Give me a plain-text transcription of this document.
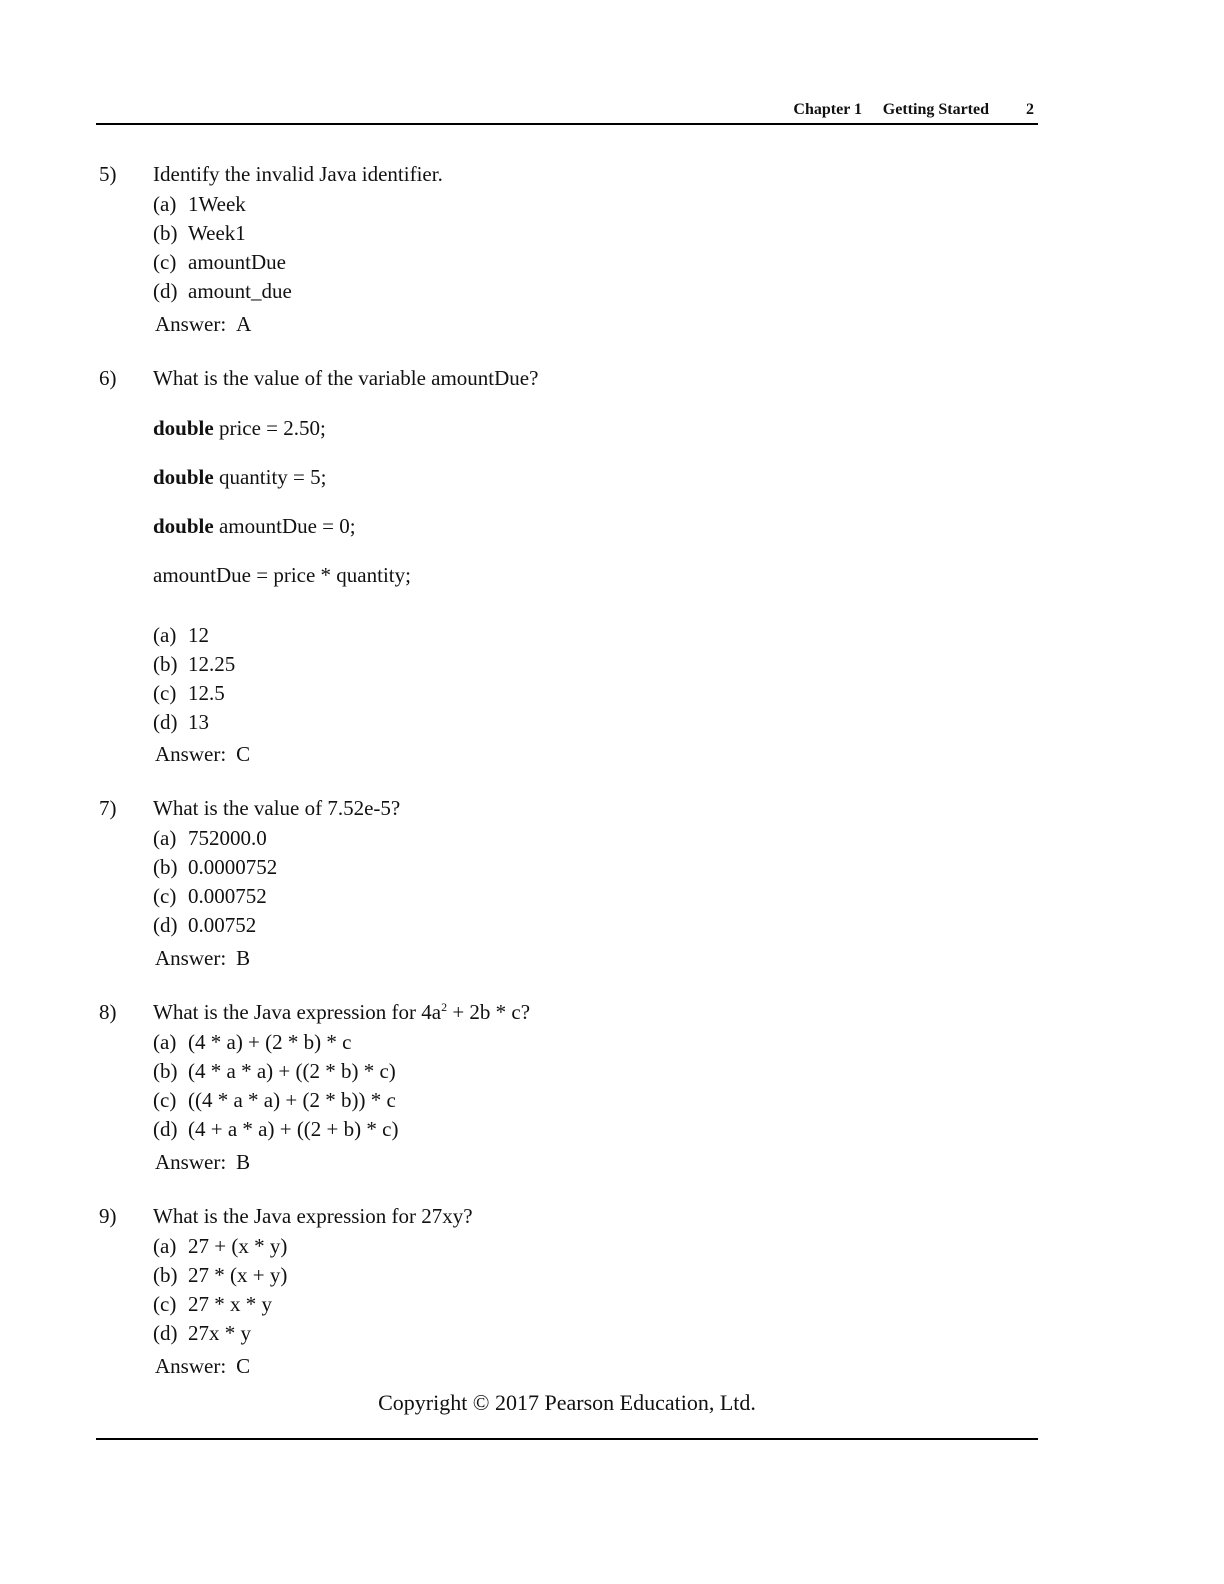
Chapter 1 Getting Started 2
5) Identify the invalid Java identifier.
(a) 1Week
(b) Week1
(c) amountDue
(d) amount_due
Answer: A
6) What is the value of the variable amountDue?
double price = 2.50;
double quantity = 5;
double amountDue = 0;
amountDue = price * quantity;
(a) 12
(b) 12.25
(c) 12.5
(d) 13
Answer: C
7) What is the value of 7.52e-5?
(a) 752000.0
(b) 0.0000752
(c) 0.000752
(d) 0.00752
Answer: B
8) What is the Java expression for $4a^2 + 2b * c$?
(a) (4 * a) + (2 * b) * c
(b) (4 * a * a) + ((2 * b) * c)
(c) ((4 * a * a) + (2 * b)) * c
(d) (4 + a * a) + ((2 + b) * c)
Answer: B
9) What is the Java expression for 27xy?
(a) 27 + (x * y)
(b) 27 * (x + y)
(c) 27 * x * y
(d) 27x * y
Answer: C
Copyright © 2017 Pearson Education, Ltd.
